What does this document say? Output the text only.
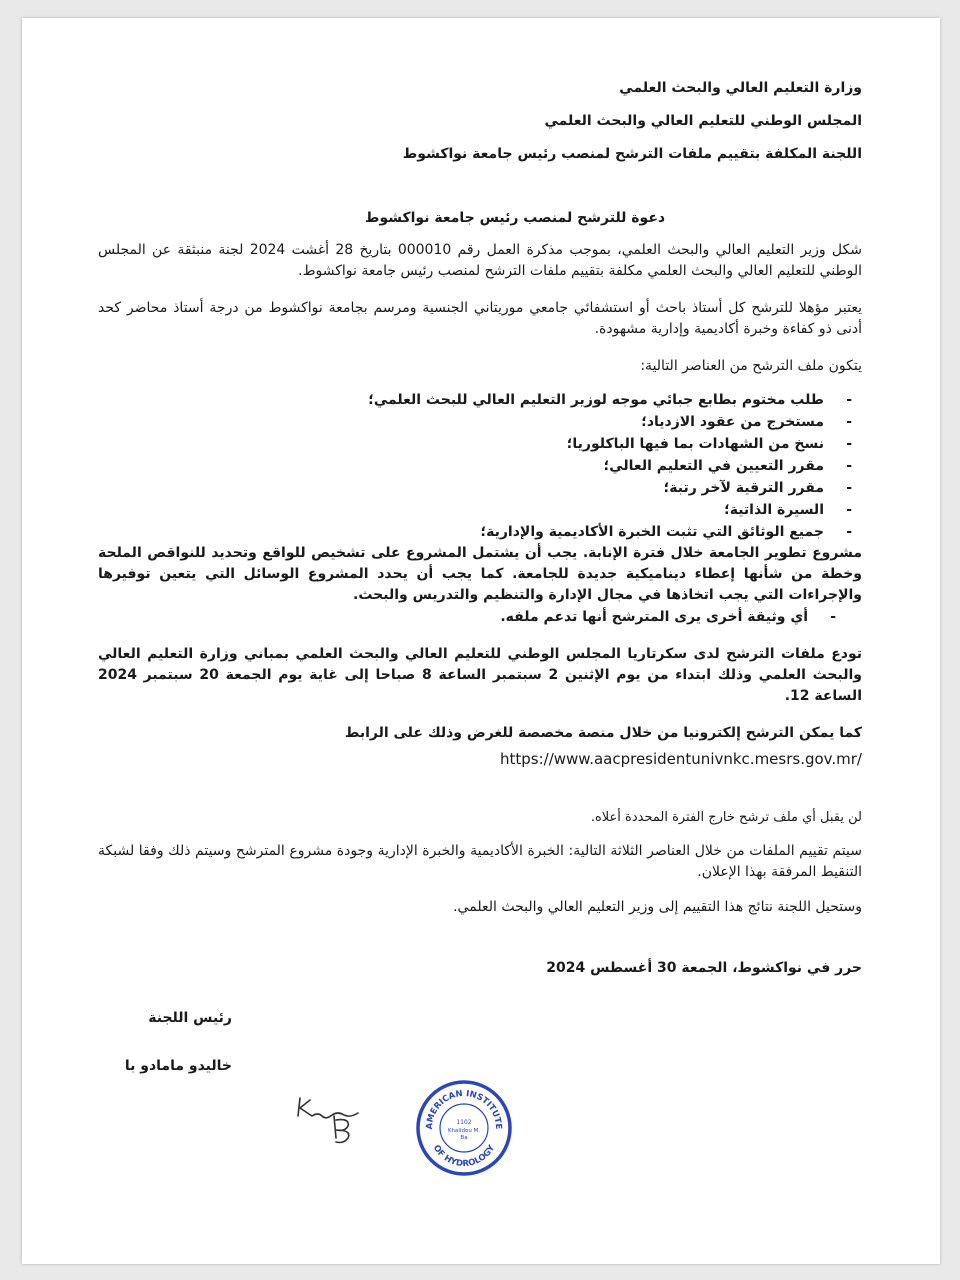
وزارة التعليم العالي والبحث العلمي

المجلس الوطني للتعليم العالي والبحث العلمي

اللجنة المكلفة بتقييم ملفات الترشح لمنصب رئيس جامعة نواكشوط

دعوة للترشح لمنصب رئيس جامعة نواكشوط

شكل وزير التعليم العالي والبحث العلمي، بموجب مذكرة العمل رقم 000010 بتاريخ 28 أغشت 2024 لجنة منبثقة عن المجلس الوطني للتعليم العالي والبحث العلمي مكلفة بتقييم ملفات الترشح لمنصب رئيس جامعة نواكشوط.

يعتبر مؤهلا للترشح كل أستاذ باحث أو استشفائي جامعي موريتاني الجنسية ومرسم بجامعة نواكشوط من درجة أستاذ محاضر كحد أدنى ذو كفاءة وخبرة أكاديمية وإدارية مشهودة.

يتكون ملف الترشح من العناصر التالية:

- طلب مختوم بطابع جبائي موجه لوزير التعليم العالي للبحث العلمي؛
- مستخرج من عقود الازدياد؛
- نسخ من الشهادات بما فيها الباكلوريا؛
- مقرر التعيين في التعليم العالي؛
- مقرر الترقية لآخر رتبة؛
- السيرة الذاتية؛
- جميع الوثائق التي تثبت الخبرة الأكاديمية والإدارية؛

مشروع تطوير الجامعة خلال فترة الإنابة. يجب أن يشتمل المشروع على تشخيص للواقع وتحديد للنواقص الملحة وخطة من شأنها إعطاء ديناميكية جديدة للجامعة. كما يجب أن يحدد المشروع الوسائل التي يتعين توفيرها والإجراءات التي يجب اتخاذها في مجال الإدارة والتنظيم والتدريس والبحث.

- أي وثيقة أخرى يرى المترشح أنها تدعم ملفه.

تودع ملفات الترشح لدى سكرتاريا المجلس الوطني للتعليم العالي والبحث العلمي بمباني وزارة التعليم العالي والبحث العلمي وذلك ابتداء من يوم الإثنين 2 سبتمبر الساعة 8 صباحا إلى غاية يوم الجمعة 20 سبتمبر 2024 الساعة 12.

كما يمكن الترشح إلكترونيا من خلال منصة مخصصة للغرض وذلك على الرابط

https://www.aacpresidentunivnkc.mesrs.gov.mr/

لن يقبل أي ملف ترشح خارج الفترة المحددة أعلاه.

سيتم تقييم الملفات من خلال العناصر الثلاثة التالية: الخبرة الأكاديمية والخبرة الإدارية وجودة مشروع المترشح وسيتم ذلك وفقا لشبكة التنقيط المرفقة بهذا الإعلان.

وستحيل اللجنة نتائج هذا التقييم إلى وزير التعليم العالي والبحث العلمي.

حرر في نواكشوط، الجمعة 30 أغسطس 2024

رئيس اللجنة

خاليدو مامادو با

AMERICAN INSTITUTE
OF HYDROLOGY
1102
Khalidou M.
Ba
